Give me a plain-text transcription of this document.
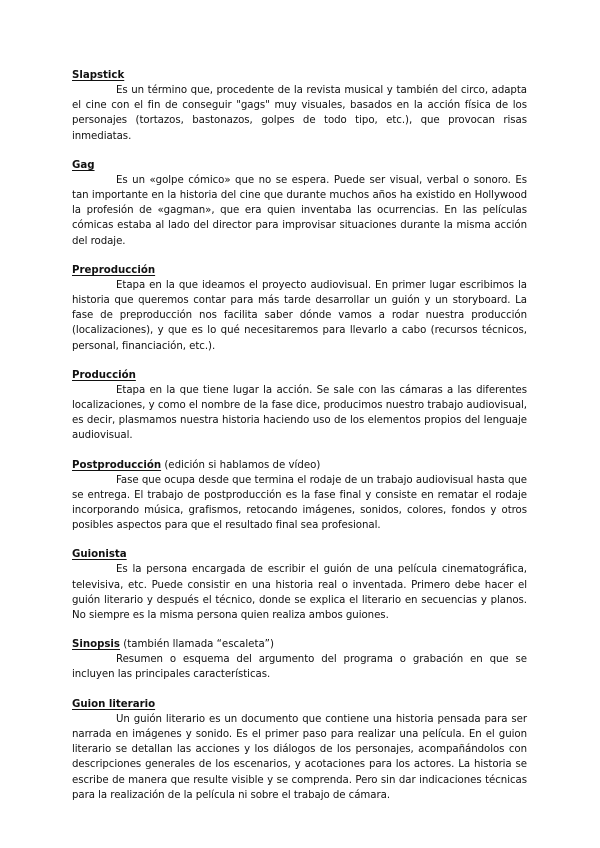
Slapstick

Es un término que, procedente de la revista musical y también del circo, adapta el cine con el fin de conseguir "gags" muy visuales, basados en la acción física de los personajes (tortazos, bastonazos, golpes de todo tipo, etc.), que provocan risas inmediatas.

Gag

Es un «golpe cómico» que no se espera. Puede ser visual, verbal o sonoro. Es tan importante en la historia del cine que durante muchos años ha existido en Hollywood la profesión de «gagman», que era quien inventaba las ocurrencias. En las películas cómicas estaba al lado del director para improvisar situaciones durante la misma acción del rodaje.

Preproducción

Etapa en la que ideamos el proyecto audiovisual. En primer lugar escribimos la historia que queremos contar para más tarde desarrollar un guión y un storyboard. La fase de preproducción nos facilita saber dónde vamos a rodar nuestra producción (localizaciones), y que es lo qué necesitaremos para llevarlo a cabo (recursos técnicos, personal, financiación, etc.).

Producción

Etapa en la que tiene lugar la acción. Se sale con las cámaras a las diferentes localizaciones, y como el nombre de la fase dice, producimos nuestro trabajo audiovisual, es decir, plasmamos nuestra historia haciendo uso de los elementos propios del lenguaje audiovisual.

Postproducción (edición si hablamos de vídeo)

Fase que ocupa desde que termina el rodaje de un trabajo audiovisual hasta que se entrega. El trabajo de postproducción es la fase final y consiste en rematar el rodaje incorporando música, grafismos, retocando imágenes, sonidos, colores, fondos y otros posibles aspectos para que el resultado final sea profesional.

Guionista

Es la persona encargada de escribir el guión de una película cinematográfica, televisiva, etc. Puede consistir en una historia real o inventada. Primero debe hacer el guión literario y después el técnico, donde se explica el literario en secuencias y planos. No siempre es la misma persona quien realiza ambos guiones.

Sinopsis (también llamada “escaleta”)

Resumen o esquema del argumento del programa o grabación en que se incluyen las principales características.

Guion literario

Un guión literario es un documento que contiene una historia pensada para ser narrada en imágenes y sonido. Es el primer paso para realizar una película. En el guion literario se detallan las acciones y los diálogos de los personajes, acompañándolos con descripciones generales de los escenarios, y acotaciones para los actores. La historia se escribe de manera que resulte visible y se comprenda. Pero sin dar indicaciones técnicas para la realización de la película ni sobre el trabajo de cámara.
